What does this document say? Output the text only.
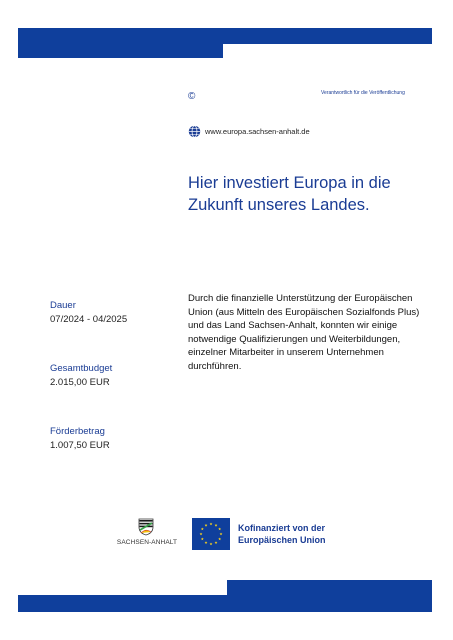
©	Verantwortlich für die Veröffentlichung
www.europa.sachsen-anhalt.de
Hier investiert Europa in die
Zukunft unseres Landes.
Dauer
07/2024 - 04/2025
Gesamtbudget
2.015,00 EUR
Förderbetrag
1.007,50 EUR

Durch die finanzielle Unterstützung der Europäischen Union (aus Mitteln des Europäischen Sozialfonds Plus) und das Land Sachsen-Anhalt, konnten wir einige notwendige Qualifizierungen und Weiterbildungen, einzelner Mitarbeiter in unserem Unternehmen durchführen.

SACHSEN-ANHALT
Kofinanziert von der
Europäischen Union
